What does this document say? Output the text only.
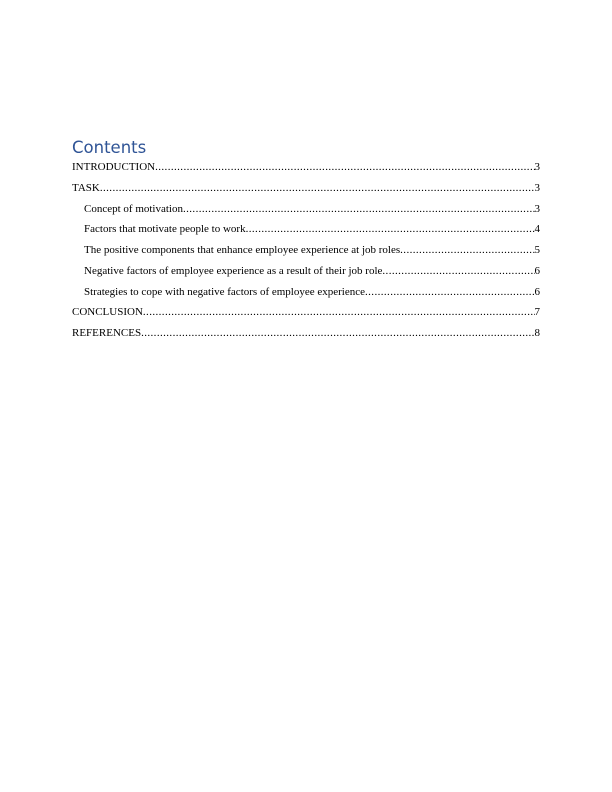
Contents
INTRODUCTION .....	3
TASK .....	3
Concept of motivation .....	3
Factors that motivate people to work .....	4
The positive components that enhance employee experience at job roles .....	5
Negative factors of employee experience as a result of their job role .....	6
Strategies to cope with negative factors of employee experience .....	6
CONCLUSION .....	7
REFERENCES .....	8
